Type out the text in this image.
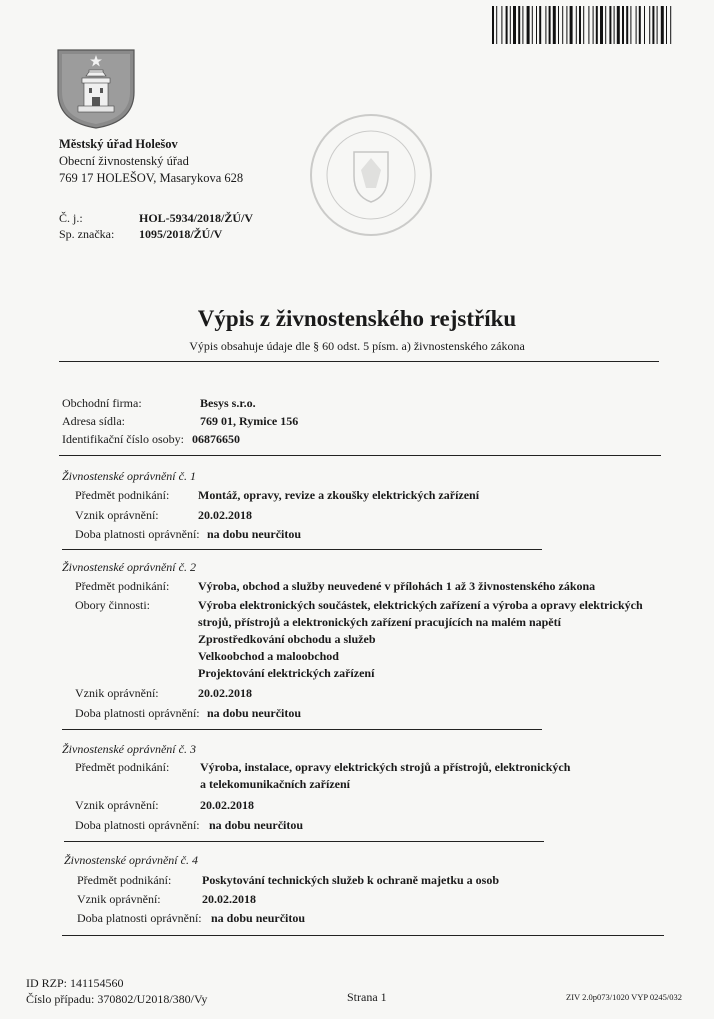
Městský úřad Holešov
Obecní živnostenský úřad
769 17 HOLEŠOV, Masarykova 628
Č. j.:	HOL-5934/2018/ŽÚ/V
Sp. značka: 1095/2018/ŽÚ/V
Výpis z živnostenského rejstříku
Výpis obsahuje údaje dle § 60 odst. 5 písm. a) živnostenského zákona
Obchodní firma:	Besys s.r.o.
Adresa sídla:	769 01, Rymice 156
Identifikační číslo osoby: 06876650
Živnostenské oprávnění č. 1
Předmět podnikání: Montáž, opravy, revize a zkoušky elektrických zařízení
Vznik oprávnění:	20.02.2018
Doba platnosti oprávnění: na dobu neurčitou
Živnostenské oprávnění č. 2
Předmět podnikání: Výroba, obchod a služby neuvedené v přílohách 1 až 3 živnostenského zákona
Obory činnosti:	Výroba elektronických součástek, elektrických zařízení a výroba a opravy elektrických
strojů, přístrojů a elektronických zařízení pracujících na malém napětí
Zprostředkování obchodu a služeb
Velkoobchod a maloobchod
Projektování elektrických zařízení
Vznik oprávnění:	20.02.2018
Doba platnosti oprávnění: na dobu neurčitou
Živnostenské oprávnění č. 3
Předmět podnikání:	Výroba, instalace, opravy elektrických strojů a přístrojů, elektronických
a telekomunikačních zařízení
Vznik oprávnění:	20.02.2018
Doba platnosti oprávnění: na dobu neurčitou
Živnostenské oprávnění č. 4
Předmět podnikání:	Poskytování technických služeb k ochraně majetku a osob
Vznik oprávnění:	20.02.2018
Doba platnosti oprávnění: na dobu neurčitou
ID RZP: 141154560
Číslo případu: 370802/U2018/380/Vy	Strana 1	ZIV 2.0p073/1020 VYP 0245/032
